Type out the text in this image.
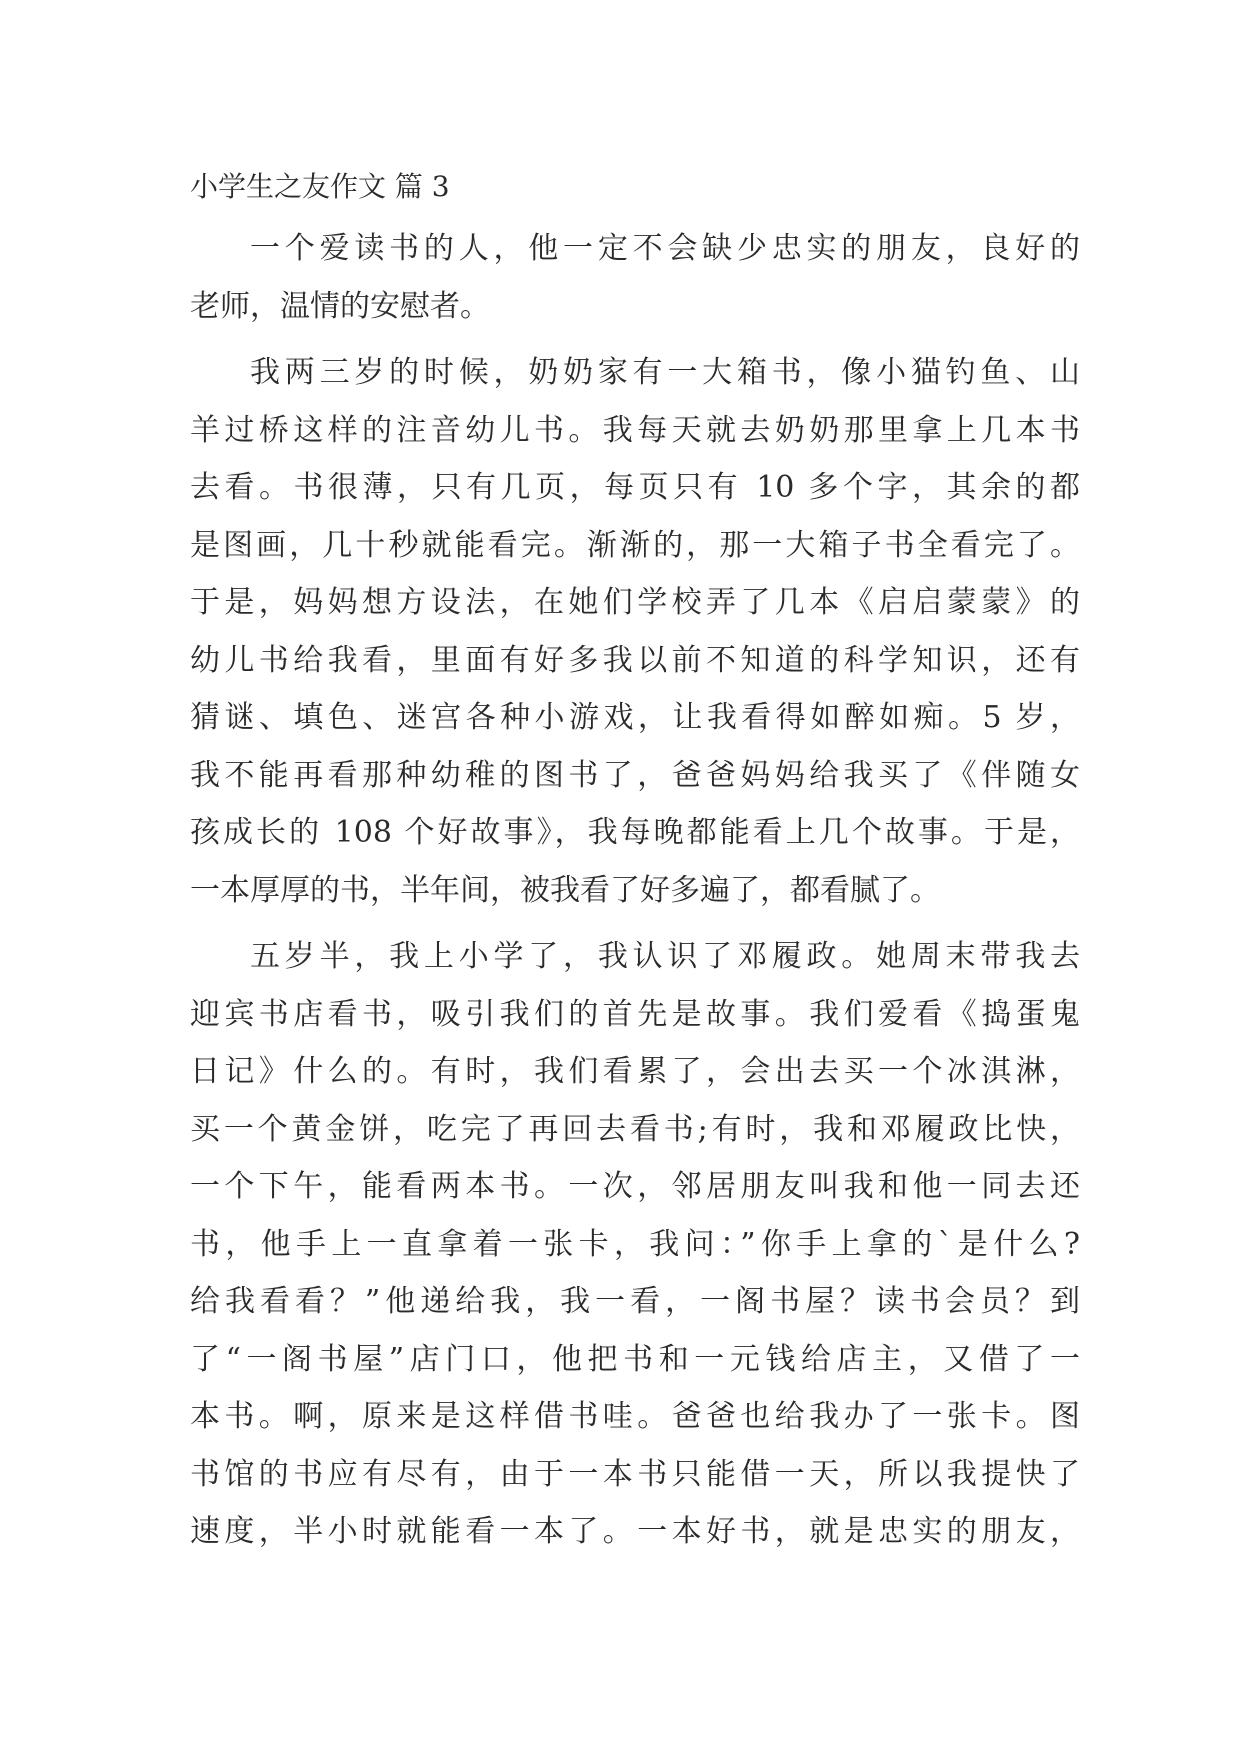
小学生之友作文 篇 3
一个爱读书的人，他一定不会缺少忠实的朋友，良好的
老师，温情的安慰者。
我两三岁的时候，奶奶家有一大箱书，像小猫钓鱼、山
羊过桥这样的注音幼儿书。我每天就去奶奶那里拿上几本书
去看。书很薄，只有几页，每页只有 10 多个字，其余的都
是图画，几十秒就能看完。渐渐的，那一大箱子书全看完了。
于是，妈妈想方设法，在她们学校弄了几本《启启蒙蒙》的
幼儿书给我看，里面有好多我以前不知道的科学知识，还有
猜谜、填色、迷宫各种小游戏，让我看得如醉如痴。5 岁，
我不能再看那种幼稚的图书了，爸爸妈妈给我买了《伴随女
孩成长的 108 个好故事》，我每晚都能看上几个故事。于是，
一本厚厚的书，半年间，被我看了好多遍了，都看腻了。
五岁半，我上小学了，我认识了邓履政。她周末带我去
迎宾书店看书，吸引我们的首先是故事。我们爱看《捣蛋鬼
日记》什么的。有时，我们看累了，会出去买一个冰淇淋，
买一个黄金饼，吃完了再回去看书;有时，我和邓履政比快，
一个下午，能看两本书。一次，邻居朋友叫我和他一同去还
书，他手上一直拿着一张卡，我问：”你手上拿的`是什么?
给我看看？”他递给我，我一看，一阁书屋？读书会员？到
了“一阁书屋”店门口，他把书和一元钱给店主，又借了一
本书。啊，原来是这样借书哇。爸爸也给我办了一张卡。图
书馆的书应有尽有，由于一本书只能借一天，所以我提快了
速度，半小时就能看一本了。一本好书，就是忠实的朋友，
